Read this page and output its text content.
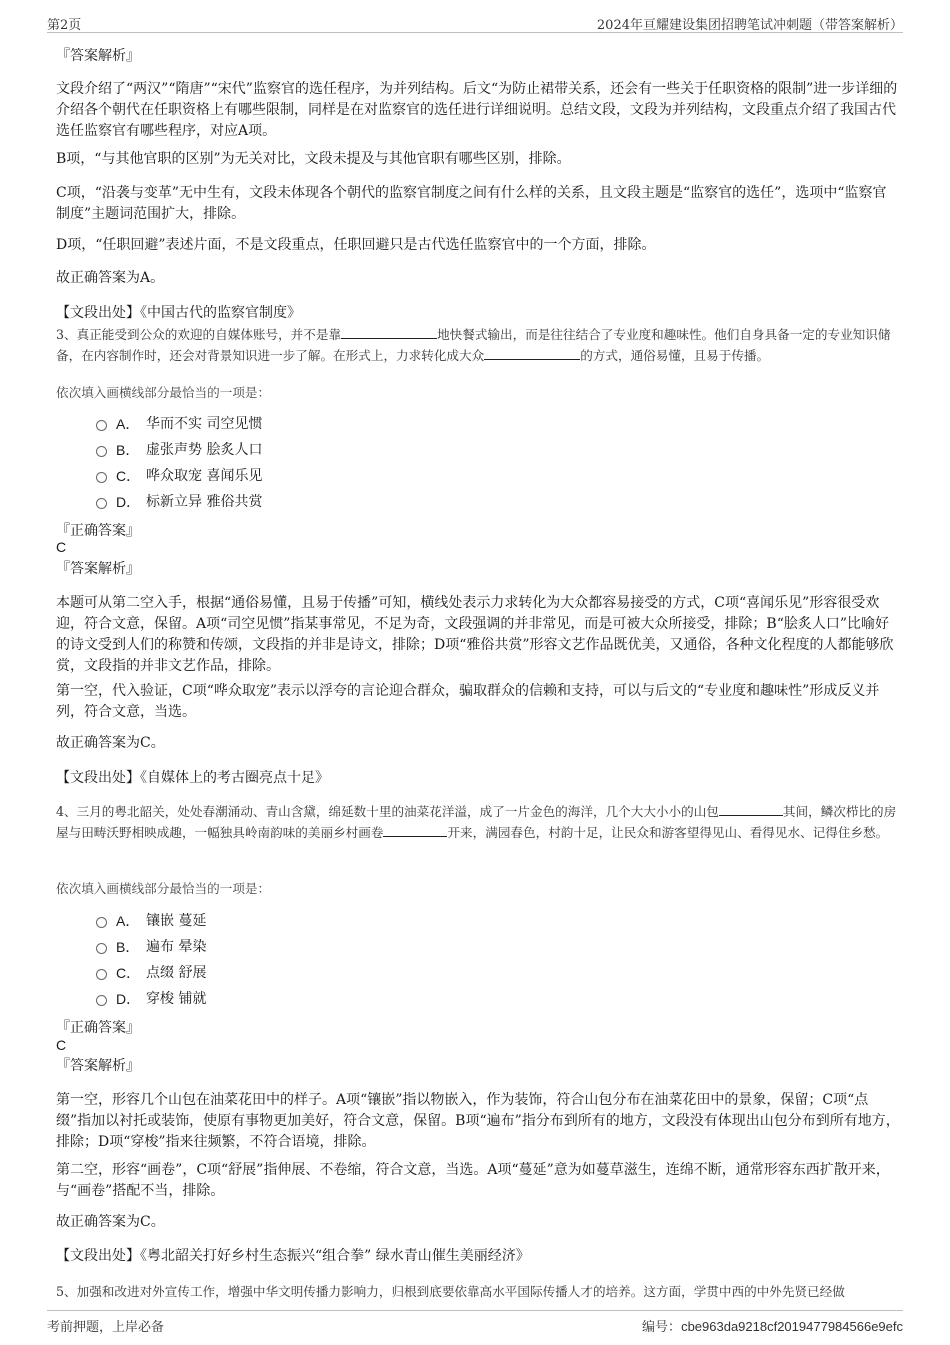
第2页	2024年亘耀建设集团招聘笔试冲刺题（带答案解析）

『答案解析』

文段介绍了“两汉”“隋唐”“宋代”监察官的选任程序，为并列结构。后文“为防止裙带关系，还会有一些关于任职资格的限制”进一步详细的介绍各个朝代在任职资格上有哪些限制，同样是在对监察官的选任进行详细说明。总结文段，文段为并列结构，文段重点介绍了我国古代选任监察官有哪些程序，对应A项。

B项，“与其他官职的区别”为无关对比，文段未提及与其他官职有哪些区别，排除。

C项，“沿袭与变革”无中生有，文段未体现各个朝代的监察官制度之间有什么样的关系，且文段主题是“监察官的选任”，选项中“监察官制度”主题词范围扩大，排除。

D项，“任职回避”表述片面，不是文段重点，任职回避只是古代选任监察官中的一个方面，排除。

故正确答案为A。

【文段出处】《中国古代的监察官制度》

3、真正能受到公众的欢迎的自媒体账号，并不是靠	地快餐式输出，而是往往结合了专业度和趣味性。他们自身具备一定的专业知识储备，在内容制作时，还会对背景知识进一步了解。在形式上，力求转化成大众	的方式，通俗易懂，且易于传播。

依次填入画横线部分最恰当的一项是：

A． 华而不实 司空见惯
B． 虚张声势 脍炙人口
C． 哗众取宠 喜闻乐见
D． 标新立异 雅俗共赏

『正确答案』

C

『答案解析』

本题可从第二空入手，根据“通俗易懂，且易于传播”可知，横线处表示力求转化为大众都容易接受的方式，C项“喜闻乐见”形容很受欢迎，符合文意，保留。A项“司空见惯”指某事常见，不足为奇，文段强调的并非常见，而是可被大众所接受，排除；B“脍炙人口”比喻好的诗文受到人们的称赞和传颂，文段指的并非是诗文，排除；D项“雅俗共赏”形容文艺作品既优美，又通俗，各种文化程度的人都能够欣赏，文段指的并非文艺作品，排除。

第一空，代入验证，C项“哗众取宠”表示以浮夸的言论迎合群众，骗取群众的信赖和支持，可以与后文的“专业度和趣味性”形成反义并列，符合文意，当选。

故正确答案为C。

【文段出处】《自媒体上的考古圈亮点十足》

4、三月的粤北韶关，处处春潮涌动、青山含黛，绵延数十里的油菜花洋溢，成了一片金色的海洋，几个大大小小的山包	其间，鳞次栉比的房屋与田畴沃野相映成趣，一幅独具岭南韵味的美丽乡村画卷	开来，满园春色，村韵十足，让民众和游客望得见山、看得见水、记得住乡愁。

依次填入画横线部分最恰当的一项是：

A． 镶嵌 蔓延
B． 遍布 晕染
C． 点缀 舒展
D． 穿梭 铺就

『正确答案』

C

『答案解析』

第一空，形容几个山包在油菜花田中的样子。A项“镶嵌”指以物嵌入，作为装饰，符合山包分布在油菜花田中的景象，保留；C项“点缀”指加以衬托或装饰，使原有事物更加美好，符合文意，保留。B项“遍布”指分布到所有的地方，文段没有体现出山包分布到所有地方，排除；D项“穿梭”指来往频繁，不符合语境，排除。

第二空，形容“画卷”，C项“舒展”指伸展、不卷缩，符合文意，当选。A项“蔓延”意为如蔓草滋生，连绵不断，通常形容东西扩散开来，与“画卷”搭配不当，排除。

故正确答案为C。

【文段出处】《粤北韶关打好乡村生态振兴“组合拳” 绿水青山催生美丽经济》

5、加强和改进对外宣传工作，增强中华文明传播力影响力，归根到底要依靠高水平国际传播人才的培养。这方面，学贯中西的中外先贤已经做

考前押题，上岸必备	编号：cbe963da9218cf2019477984566e9efc
